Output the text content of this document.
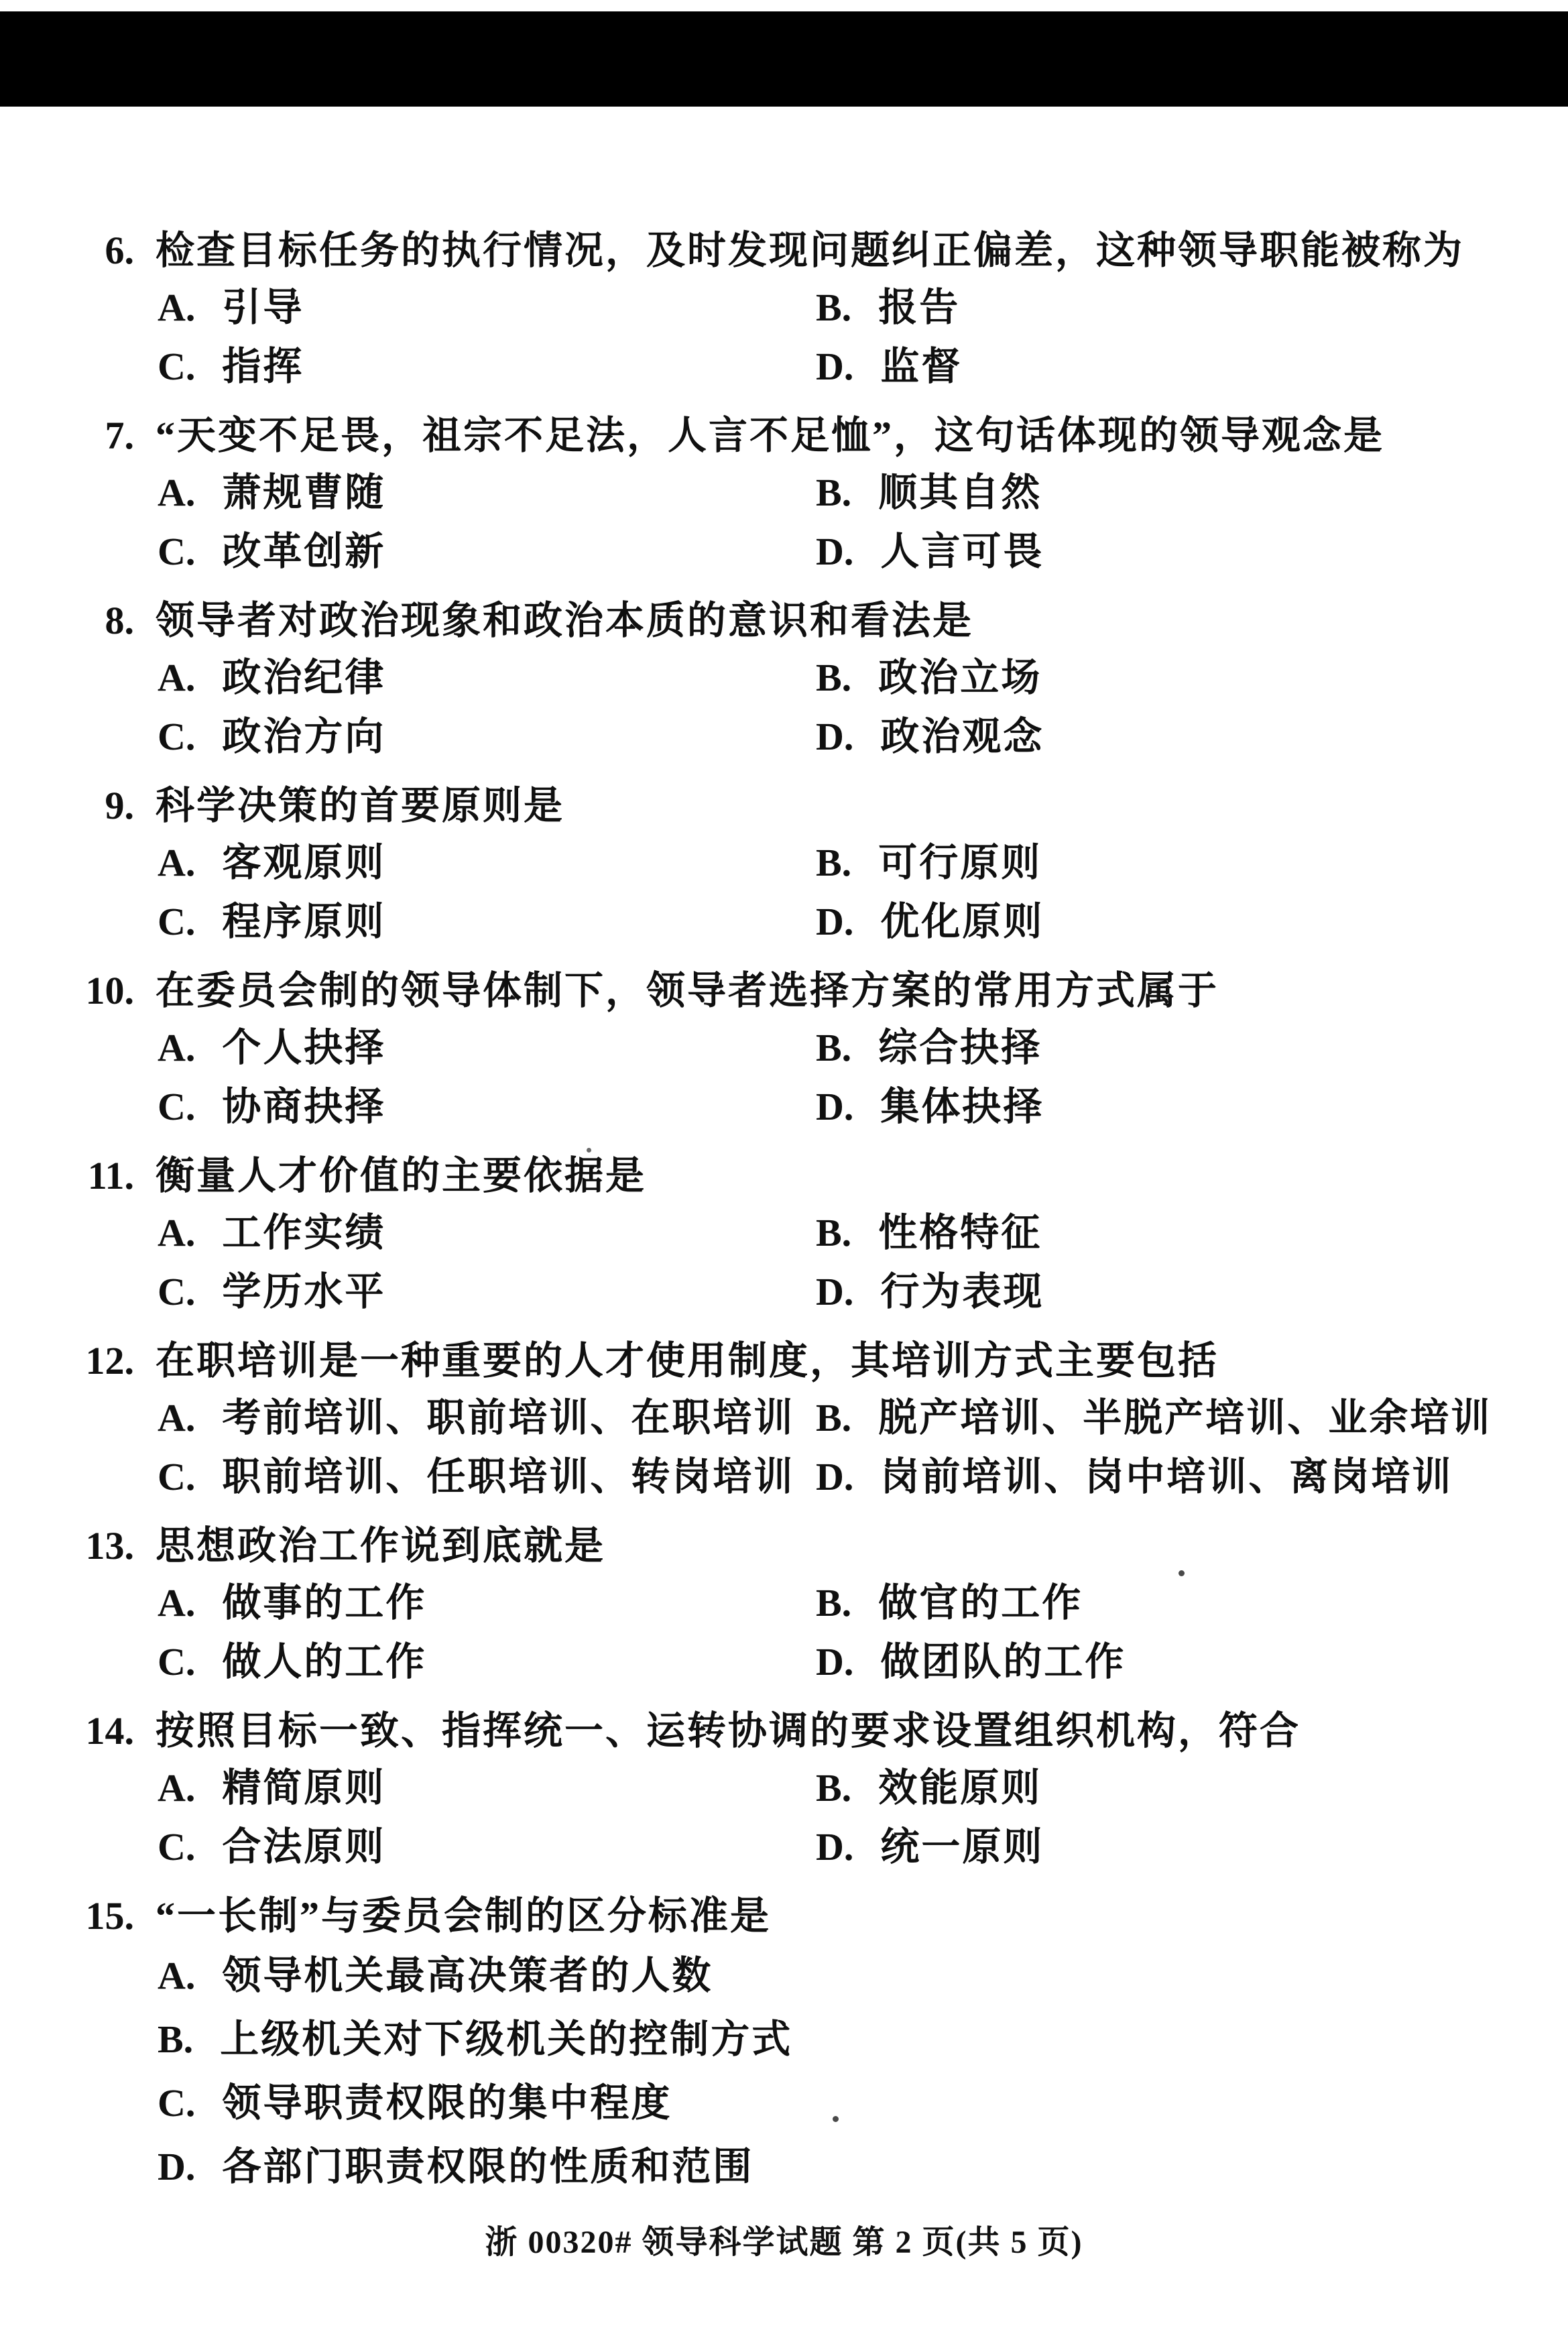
6. 检查目标任务的执行情况，及时发现问题纠正偏差，这种领导职能被称为
A. 引导	B. 报告
C. 指挥	D. 监督
7. “天变不足畏，祖宗不足法，人言不足恤”，这句话体现的领导观念是
A. 萧规曹随	B. 顺其自然
C. 改革创新	D. 人言可畏
8. 领导者对政治现象和政治本质的意识和看法是
A. 政治纪律	B. 政治立场
C. 政治方向	D. 政治观念
9. 科学决策的首要原则是
A. 客观原则	B. 可行原则
C. 程序原则	D. 优化原则
10. 在委员会制的领导体制下，领导者选择方案的常用方式属于
A. 个人抉择	B. 综合抉择
C. 协商抉择	D. 集体抉择
11. 衡量人才价值的主要依据是
A. 工作实绩	B. 性格特征
C. 学历水平	D. 行为表现
12. 在职培训是一种重要的人才使用制度，其培训方式主要包括
A. 考前培训、职前培训、在职培训 B. 脱产培训、半脱产培训、业余培训
C. 职前培训、任职培训、转岗培训 D. 岗前培训、岗中培训、离岗培训
13. 思想政治工作说到底就是
A. 做事的工作	B. 做官的工作
C. 做人的工作	D. 做团队的工作
14. 按照目标一致、指挥统一、运转协调的要求设置组织机构，符合
A. 精简原则	B. 效能原则
C. 合法原则	D. 统一原则
15. “一长制”与委员会制的区分标准是
A. 领导机关最高决策者的人数
B. 上级机关对下级机关的控制方式
C. 领导职责权限的集中程度
D. 各部门职责权限的性质和范围
浙 00320# 领导科学试题 第 2 页(共 5 页)
